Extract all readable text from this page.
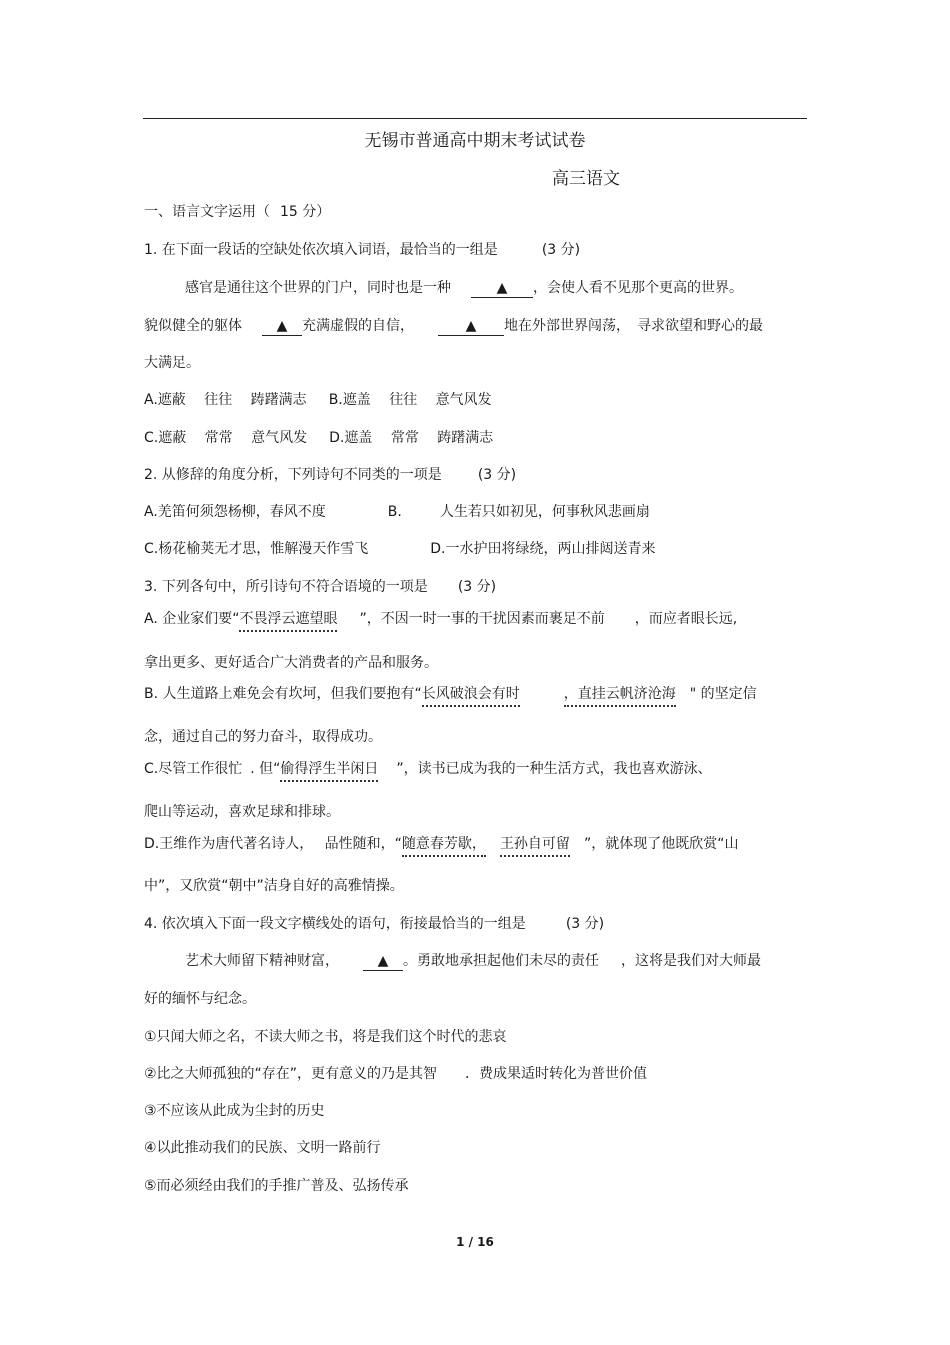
无锡市普通高中期末考试试卷
高三语文
一、语言文字运用（ 15 分）
1. 在下面一段话的空缺处依次填入词语，最恰当的一组是	(3 分)
感官是通往这个世界的门户，同时也是一种	▲ ，会使人看不见那个更高的世界。
貌似健全的躯体 ▲ 充满虚假的自信，	▲ 地在外部世界闯荡，　寻求欲望和野心的最
大满足。
A.遮蔽　 往往　 踌躇满志 B.遮盖　 往往　 意气风发
C.遮蔽　 常常　 意气风发 D.遮盖　 常常　 踌躇满志
2. 从修辞的角度分析，下列诗句不同类的一项是	(3 分)
A.羌笛何须怨杨柳，春风不度	B.	人生若只如初见，何事秋风悲画扇
C.杨花榆荚无才思，惟解漫天作雪飞	D.一水护田将绿绕，两山排闼送青来
3. 下列各句中，所引诗句不符合语境的一项是 (3 分)
A. 企业家们要“不畏浮云遮望眼 ”，不因一时一事的干扰因素而裹足不前 ，而应者眼长远,
拿出更多、更好适合广大消费者的产品和服务。
B. 人生道路上难免会有坎坷，但我们要抱有“长风破浪会有时	，直挂云帆济沧海 " 的坚定信
念，通过自己的努力奋斗，取得成功。
C.尽管工作很忙 . 但“偷得浮生半闲日 ”，读书已成为我的一种生活方式，我也喜欢游泳、
爬山等运动，喜欢足球和排球。
D.王维作为唐代著名诗人，　 品性随和，“随意春芳歇， 王孙自可留 ”，就体现了他既欣赏“山
中”，又欣赏“朝中”洁身自好的高雅情操。
4. 依次填入下面一段文字横线处的语句，衔接最恰当的一组是	(3 分)
艺术大师留下精神财富，	▲ 。勇敢地承担起他们未尽的责任 ，这将是我们对大师最
好的缅怀与纪念。
①只闻大师之名，不读大师之书，将是我们这个时代的悲哀
②比之大师孤独的“存在”，更有意义的乃是其智　　．费成果适时转化为普世价值
③不应该从此成为尘封的历史
④以此推动我们的民族、文明一路前行
⑤而必须经由我们的手推广普及、弘扬传承
1 / 16
